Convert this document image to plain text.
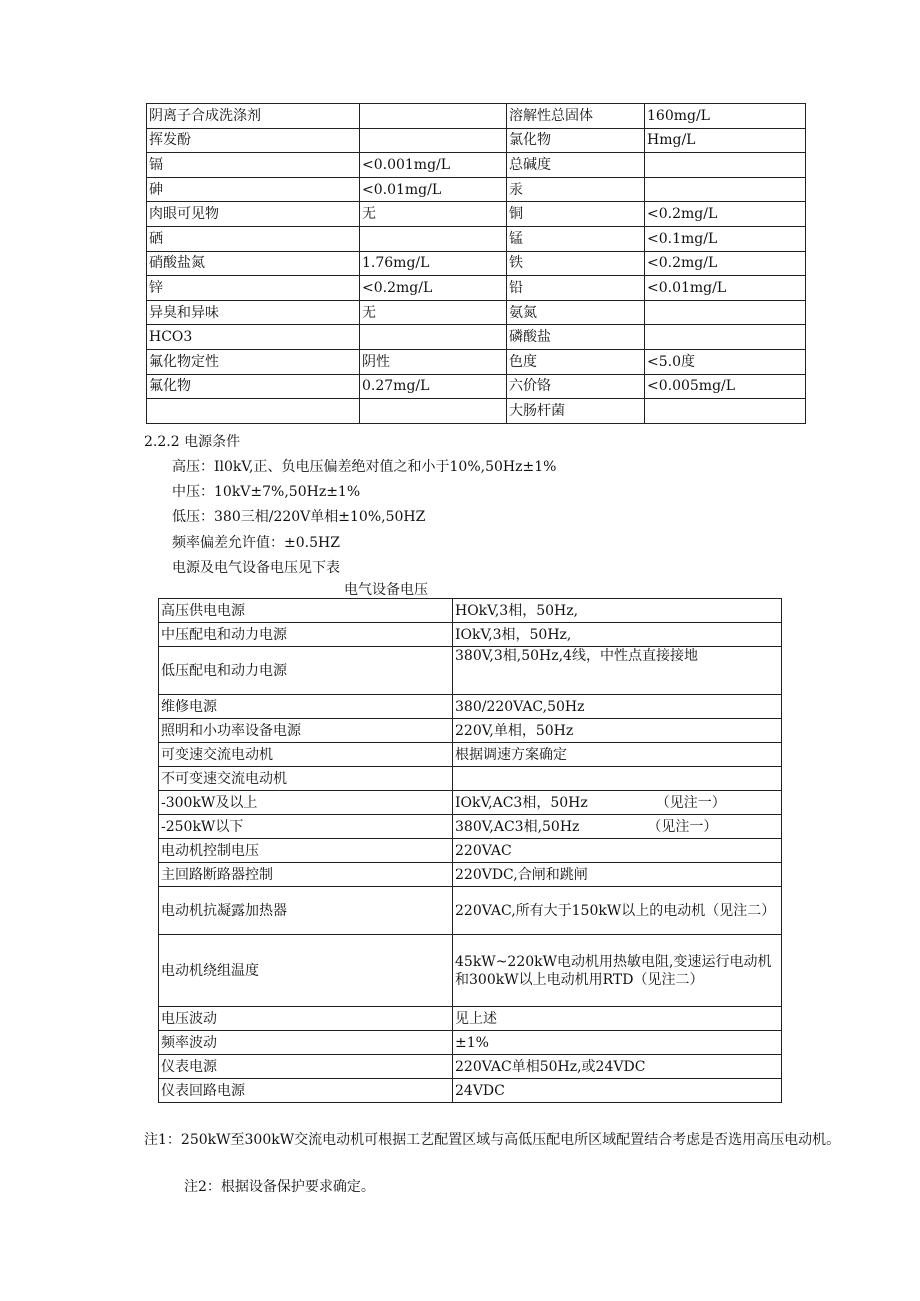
阴离子合成洗涤剂		溶解性总固体	160mg/L
挥发酚		氯化物	Hmg/L
镉	<0.001mg/L	总碱度	
砷	<0.01mg/L	汞	
肉眼可见物	无	铜	<0.2mg/L
硒		锰	<0.1mg/L
硝酸盐氮	1.76mg/L	铁	<0.2mg/L
锌	<0.2mg/L	铅	<0.01mg/L
异臭和异味	无	氨氮	
HCO3		磷酸盐	
氟化物定性	阴性	色度	<5.0度
氟化物	0.27mg/L	六价铬	<0.005mg/L
		大肠杆菌	
2.2.2 电源条件
高压：Il0kV,正、负电压偏差绝对值之和小于10%,50Hz±1%
中压：10kV±7%,50Hz±1%
低压：380三相/220V单相±10%,50HZ
频率偏差允许值：±0.5HZ
电源及电气设备电压见下表
电气设备电压
高压供电电源	HOkV,3相，50Hz,
中压配电和动力电源	IOkV,3相，50Hz,
低压配电和动力电源	380V,3相,50Hz,4线，中性点直接接地
维修电源	380/220VAC,50Hz
照明和小功率设备电源	220V,单相，50Hz
可变速交流电动机	根据调速方案确定
不可变速交流电动机	
-300kW及以上	IOkV,AC3相，50Hz （见注一）
-250kW以下	380V,AC3相,50Hz （见注一）
电动机控制电压	220VAC
主回路断路器控制	220VDC,合闸和跳闸
电动机抗凝露加热器	220VAC,所有大于150kW以上的电动机（见注二）
电动机绕组温度	45kW~220kW电动机用热敏电阻,变速运行电动机和300kW以上电动机用RTD（见注二）
电压波动	见上述
频率波动	±1%
仪表电源	220VAC单相50Hz,或24VDC
仪表回路电源	24VDC
注1：250kW至300kW交流电动机可根据工艺配置区域与高低压配电所区域配置结合考虑是否选用高压电动机。
注2：根据设备保护要求确定。
